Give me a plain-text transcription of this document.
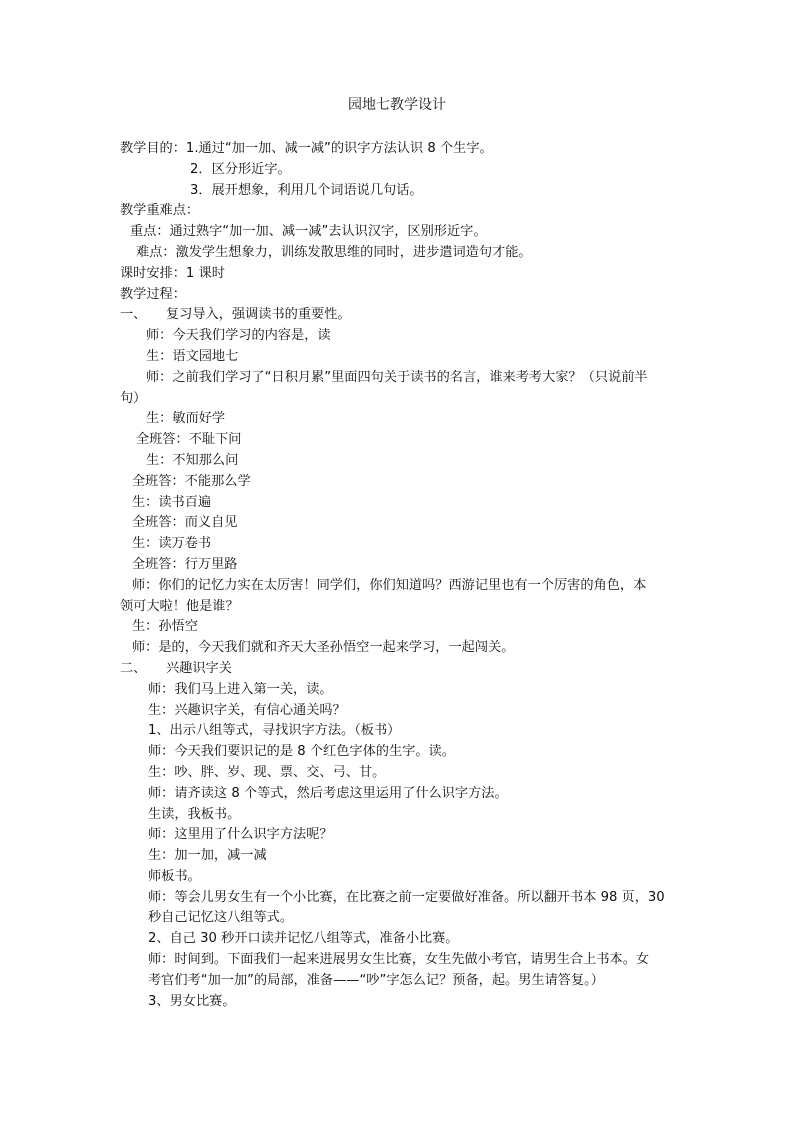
园地七教学设计
教学目的：1.通过“加一加、减一减”的识字方法认识 8 个生字。
2．区分形近字。
3．展开想象，利用几个词语说几句话。
教学重难点：
重点：通过熟字“加一加、减一减”去认识汉字，区别形近字。
难点：激发学生想象力，训练发散思维的同时，进步遣词造句才能。
课时安排：1 课时
教学过程：
一、	复习导入，强调读书的重要性。
师：今天我们学习的内容是，读
生：语文园地七
师：之前我们学习了“日积月累”里面四句关于读书的名言，谁来考考大家？（只说前半
句）
生：敏而好学
全班答：不耻下问
生：不知那么问
全班答：不能那么学
生：读书百遍
全班答：而义自见
生：读万卷书
全班答：行万里路
师：你们的记忆力实在太厉害！同学们，你们知道吗？西游记里也有一个厉害的角色，本
领可大啦！他是谁？
生：孙悟空
师：是的，今天我们就和齐天大圣孙悟空一起来学习，一起闯关。
二、	兴趣识字关
师：我们马上进入第一关，读。
生：兴趣识字关，有信心通关吗？
1、出示八组等式，寻找识字方法。（板书）
师：今天我们要识记的是 8 个红色字体的生字。读。
生：吵、胖、岁、现、票、交、弓、甘。
师：请齐读这 8 个等式，然后考虑这里运用了什么识字方法。
生读，我板书。
师：这里用了什么识字方法呢？
生：加一加，减一减
师板书。
师：等会儿男女生有一个小比赛，在比赛之前一定要做好准备。所以翻开书本 98 页，30
秒自己记忆这八组等式。
2、自己 30 秒开口读并记忆八组等式，准备小比赛。
师：时间到。下面我们一起来进展男女生比赛，女生先做小考官，请男生合上书本。女
考官们考“加一加”的局部，准备——“吵”字怎么记？预备，起。男生请答复。）
3、男女比赛。
